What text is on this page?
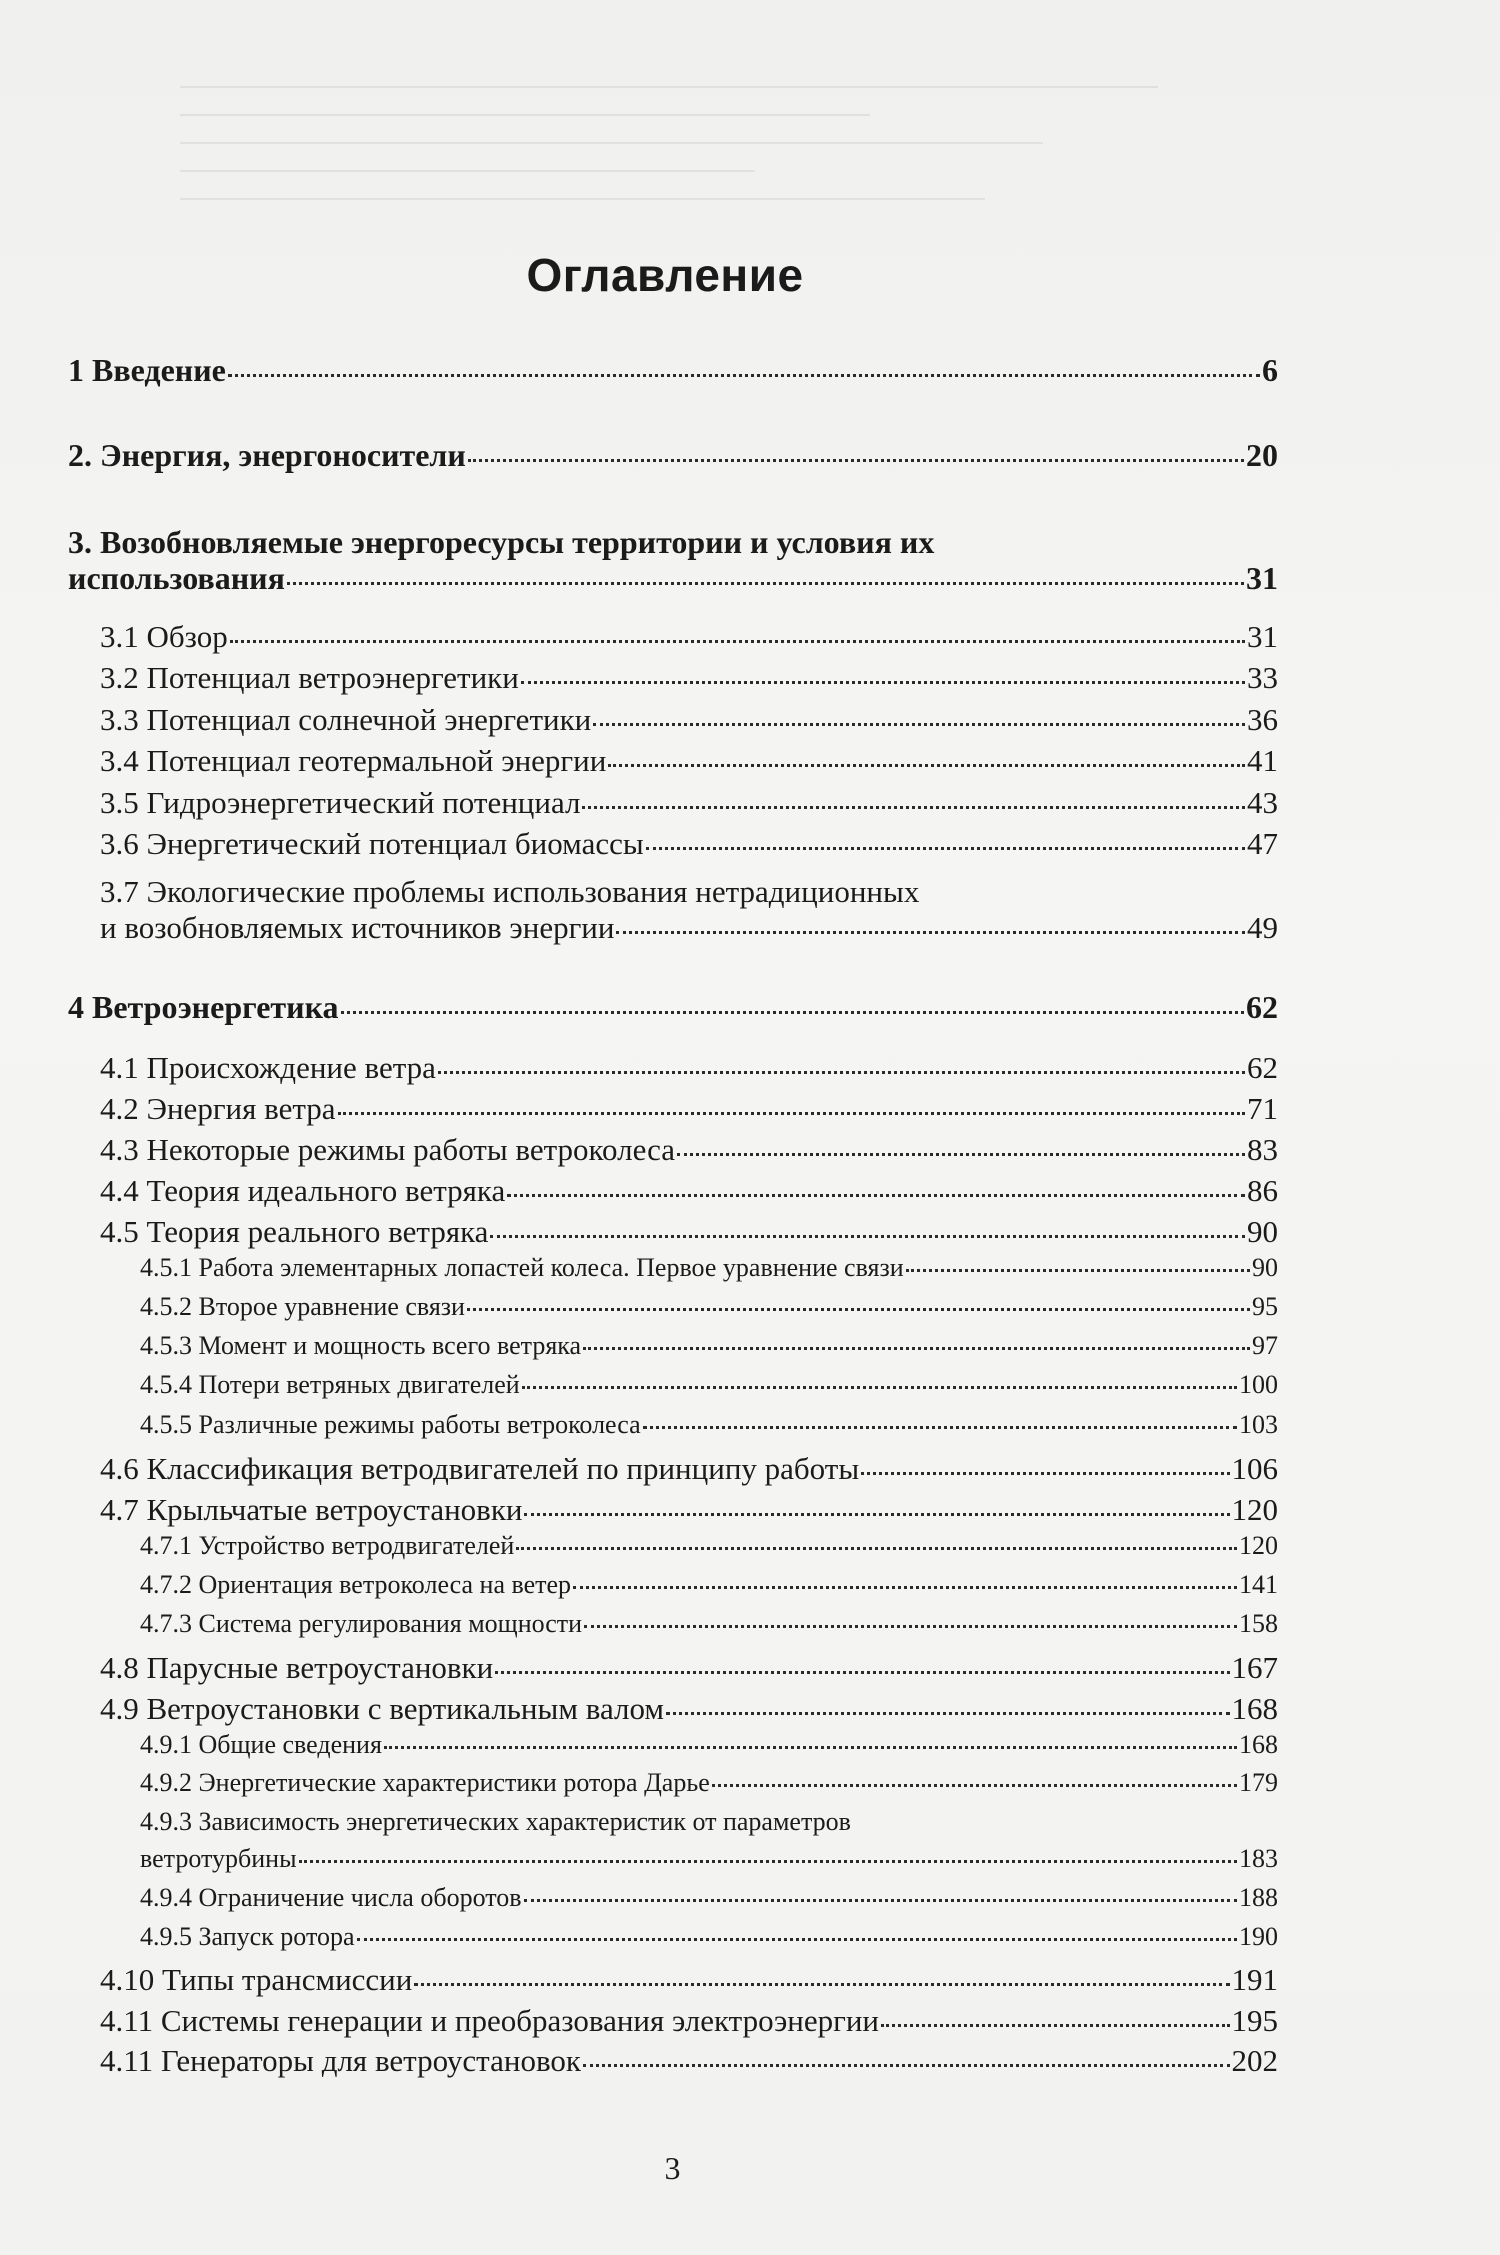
Оглавление
1 Введение	6
2. Энергия, энергоносители	20
3. Возобновляемые энергоресурсы территории и условия их
использования	31
3.1 Обзор	31
3.2 Потенциал ветроэнергетики	33
3.3 Потенциал солнечной энергетики	36
3.4 Потенциал геотермальной энергии	41
3.5 Гидроэнергетический потенциал	43
3.6 Энергетический потенциал биомассы	47
3.7 Экологические проблемы использования нетрадиционных
и возобновляемых источников энергии	49
4 Ветроэнергетика	62
4.1 Происхождение ветра	62
4.2 Энергия ветра	71
4.3 Некоторые режимы работы ветроколеса	83
4.4 Теория идеального ветряка	86
4.5 Теория реального ветряка	90
4.5.1 Работа элементарных лопастей колеса. Первое уравнение связи	90
4.5.2 Второе уравнение связи	95
4.5.3 Момент и мощность всего ветряка	97
4.5.4 Потери ветряных двигателей	100
4.5.5 Различные режимы работы ветроколеса	103
4.6 Классификация ветродвигателей по принципу работы	106
4.7 Крыльчатые ветроустановки	120
4.7.1 Устройство ветродвигателей	120
4.7.2 Ориентация ветроколеса на ветер	141
4.7.3 Система регулирования мощности	158
4.8 Парусные ветроустановки	167
4.9 Ветроустановки с вертикальным валом	168
4.9.1 Общие сведения	168
4.9.2 Энергетические характеристики ротора Дарье	179
4.9.3 Зависимость энергетических характеристик от параметров
ветротурбины	183
4.9.4 Ограничение числа оборотов	188
4.9.5 Запуск ротора	190
4.10 Типы трансмиссии	191
4.11 Системы генерации и преобразования электроэнергии	195
4.11 Генераторы для ветроустановок	202
3
